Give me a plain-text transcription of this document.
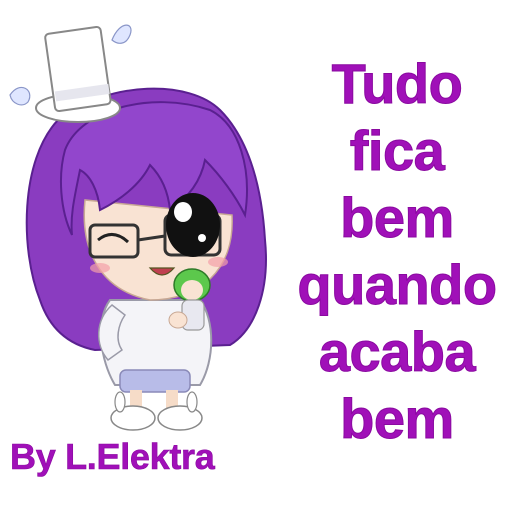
Tudo
fica
bem
quando
acaba
bem
By L.Elektra
